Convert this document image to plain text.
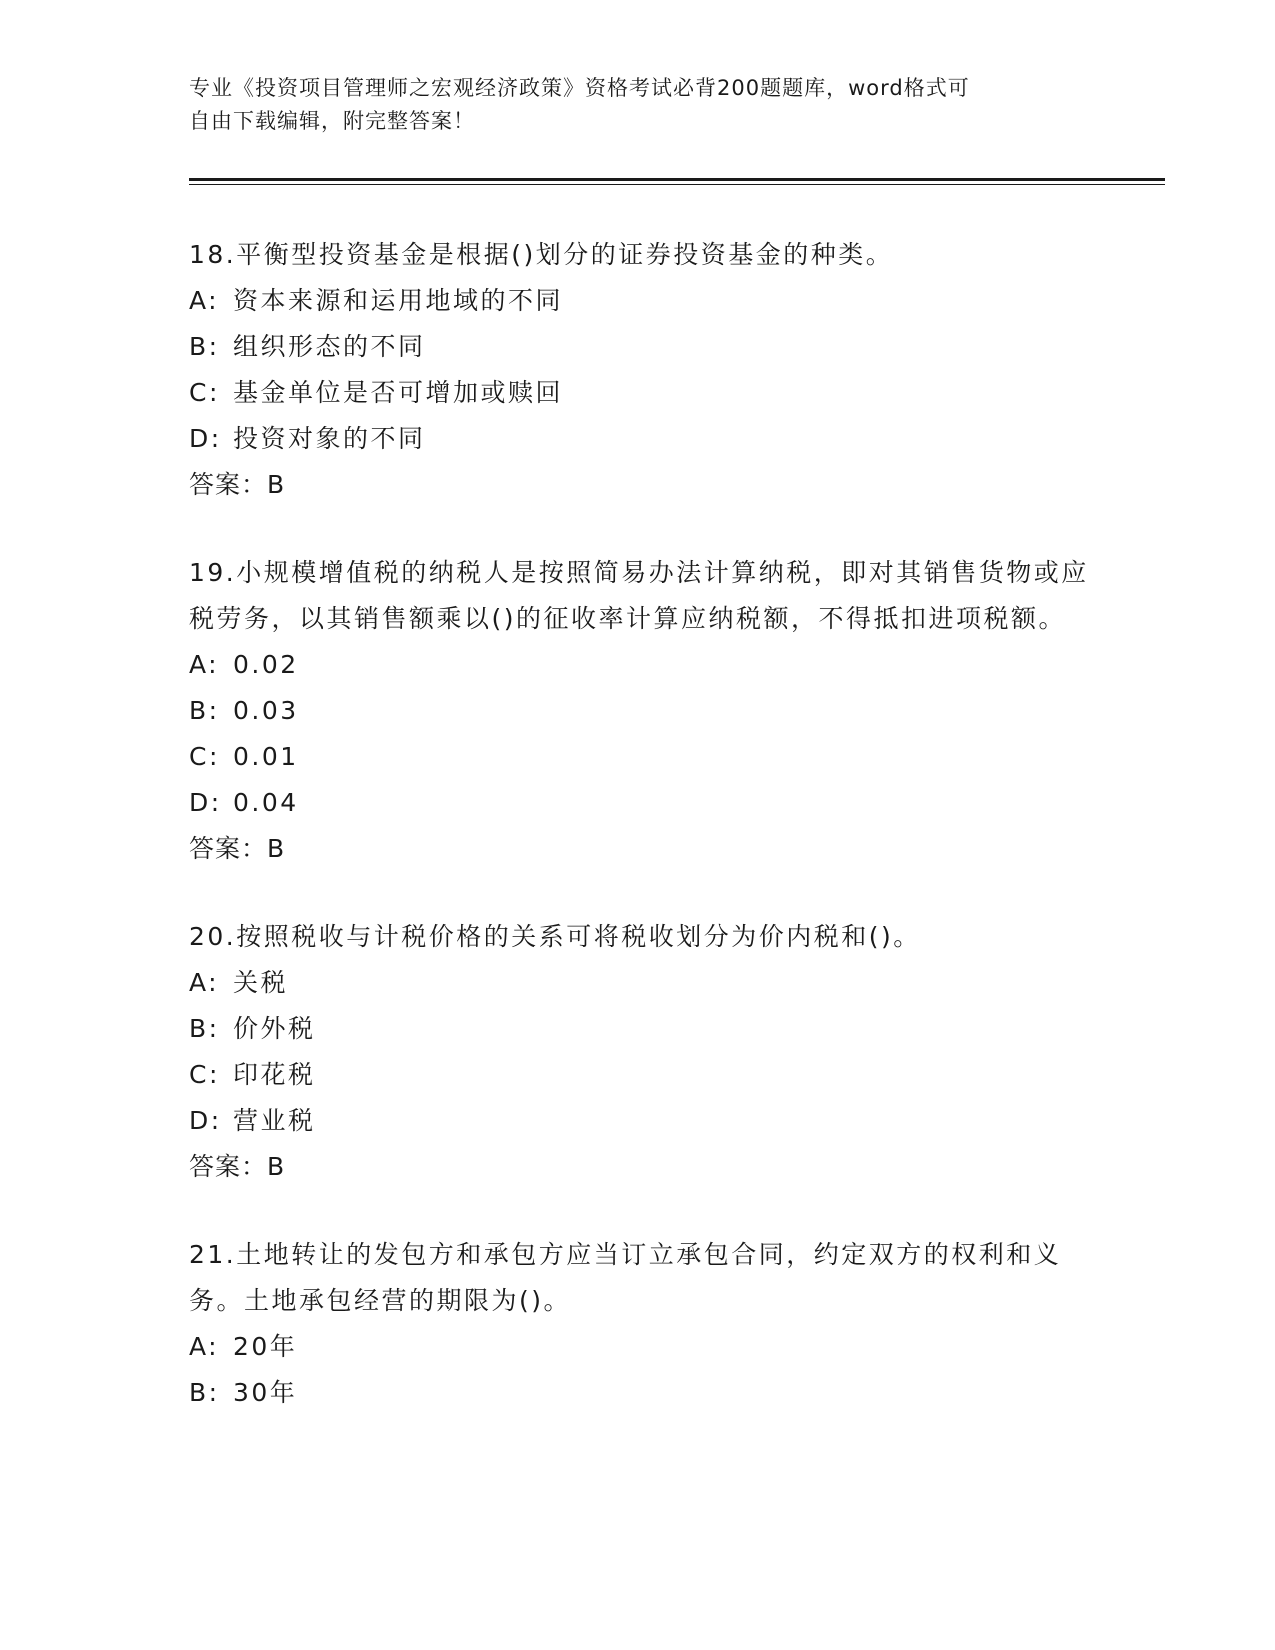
专业《投资项目管理师之宏观经济政策》资格考试必背200题题库，word格式可
自由下载编辑，附完整答案！
18.平衡型投资基金是根据()划分的证券投资基金的种类。
A: 资本来源和运用地域的不同
B: 组织形态的不同
C: 基金单位是否可增加或赎回
D: 投资对象的不同
答案：B
19.小规模增值税的纳税人是按照简易办法计算纳税，即对其销售货物或应税劳务，以其销售额乘以()的征收率计算应纳税额，不得抵扣进项税额。
A: 0.02
B: 0.03
C: 0.01
D: 0.04
答案：B
20.按照税收与计税价格的关系可将税收划分为价内税和()。
A: 关税
B: 价外税
C: 印花税
D: 营业税
答案：B
21.土地转让的发包方和承包方应当订立承包合同，约定双方的权利和义务。土地承包经营的期限为()。
A: 20年
B: 30年
